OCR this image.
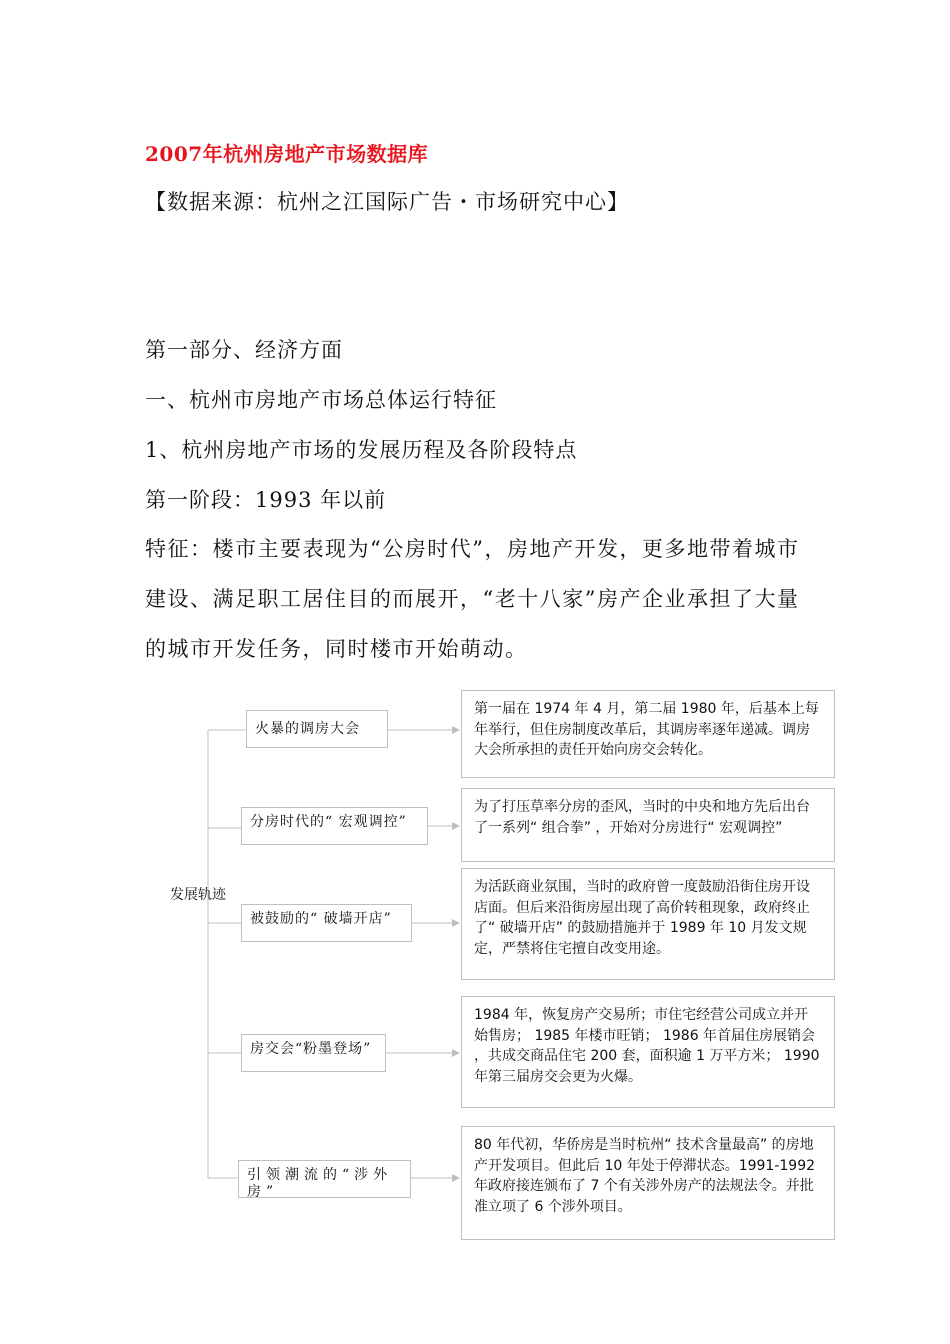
2007年杭州房地产市场数据库
【数据来源：杭州之江国际广告・市场研究中心】
第一部分、经济方面
一、杭州市房地产市场总体运行特征
1、杭州房地产市场的发展历程及各阶段特点
第一阶段：1993 年以前
特征：楼市主要表现为“公房时代”，房地产开发，更多地带着城市建设、满足职工居住目的而展开，“老十八家”房产企业承担了大量的城市开发任务，同时楼市开始萌动。
发展轨迹
火暴的调房大会
分房时代的“ 宏观调控”
被鼓励的“ 破墙开店”
房交会“粉墨登场”
引领潮流的“涉外房”
第一届在 1974 年 4 月，第二届 1980 年，后基本上每年举行，但住房制度改革后，其调房率逐年递减。调房大会所承担的责任开始向房交会转化。
为了打压草率分房的歪风，当时的中央和地方先后出台了一系列“ 组合拳” ，开始对分房进行“ 宏观调控”
为活跃商业氛围，当时的政府曾一度鼓励沿街住房开设店面。但后来沿街房屋出现了高价转租现象，政府终止了“ 破墙开店” 的鼓励措施并于 1989 年 10 月发文规定，严禁将住宅擅自改变用途。
1984 年，恢复房产交易所；市住宅经营公司成立并开始售房； 1985 年楼市旺销； 1986 年首届住房展销会 ，共成交商品住宅 200 套，面积逾 1 万平方米； 1990 年第三届房交会更为火爆。
80 年代初，华侨房是当时杭州“ 技术含量最高” 的房地产开发项目。但此后 10 年处于停滞状态。1991-1992 年政府接连颁布了 7 个有关涉外房产的法规法令。并批准立项了 6 个涉外项目。
